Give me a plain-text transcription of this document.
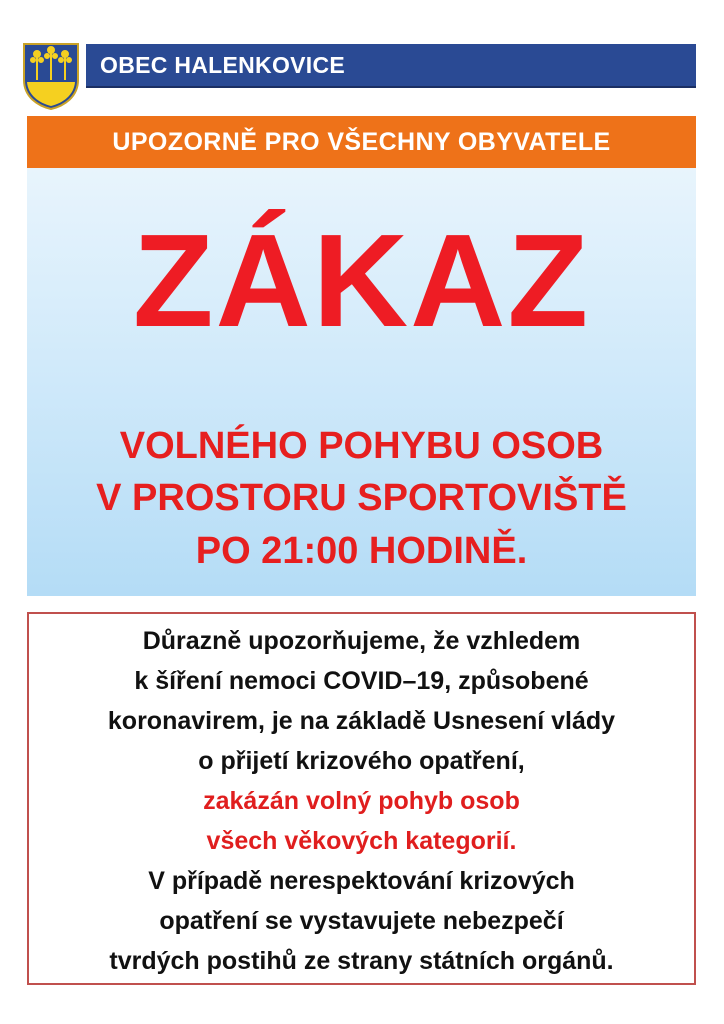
OBEC HALENKOVICE
UPOZORNĚ PRO VŠECHNY OBYVATELE
ZÁKAZ
VOLNÉHO POHYBU OSOB
V PROSTORU SPORTOVIŠTĚ
PO 21:00 HODINĚ.
Důrazně upozorňujeme, že vzhledem
k šíření nemoci COVID–19, způsobené
koronavirem, je na základě Usnesení vlády
o přijetí krizového opatření,
zakázán volný pohyb osob
všech věkových kategorií.
V případě nerespektování krizových
opatření se vystavujete nebezpečí
tvrdých postihů ze strany státních orgánů.
